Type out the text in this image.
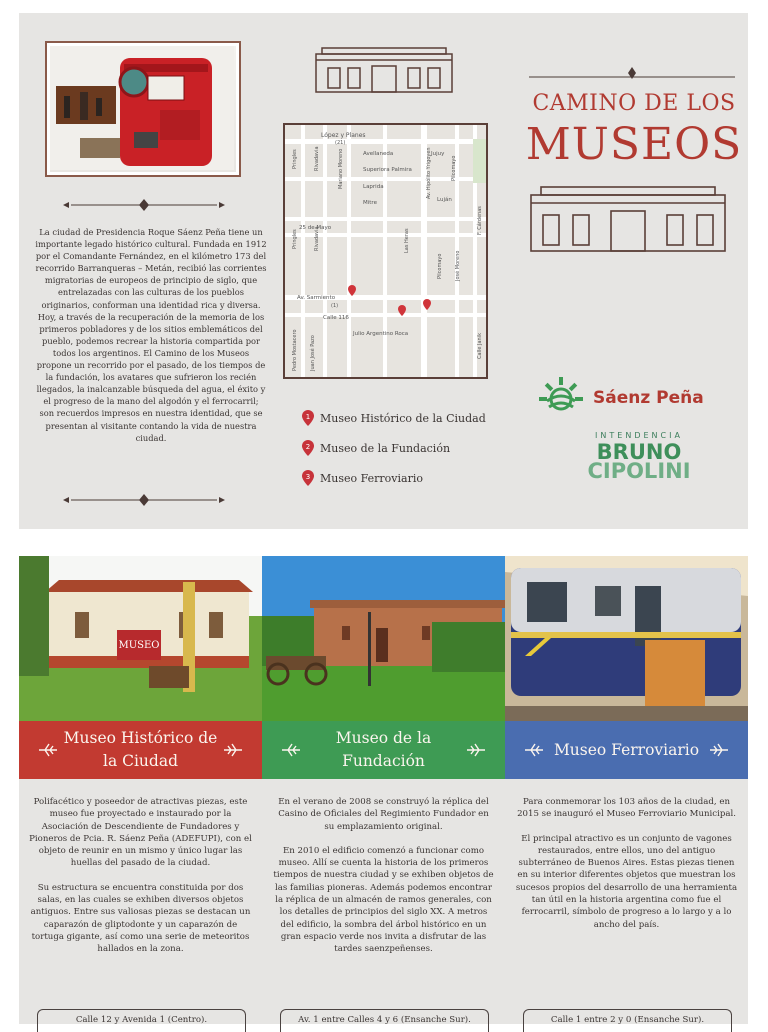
La ciudad de Presidencia Roque Sáenz Peña tiene un importante legado histórico cultural. Fundada en 1912 por el Comandante Fernández, en el kilómetro 173 del recorrido Barranqueras – Metán, recibió las corrientes migratorias de europeos de principio de siglo, que entrelazadas con las culturas de los pueblos originarios, conforman una identidad rica y diversa. Hoy, a través de la recuperación de la memoria de los primeros pobladores y de los sitios emblemáticos del pueblo, podemos recrear la historia compartida por todos los argentinos. El Camino de los Museos propone un recorrido por el pasado, de los tiempos de la fundación, los avatares que sufrieron los recién llegados, la inalcanzable búsqueda del agua, el éxito y el progreso de la mano del algodón y el ferrocarril; son recuerdos impresos en nuestra identidad, que se presentan al visitante contando la vida de nuestra ciudad.

López y Planes
(21)
Avellaneda	Jujuy
Superiora Palmira
Laprida
Luján
Mitre
25 de Mayo
Av. Sarmiento
(1)
Calle 116
Julio Argentino Roca
Pringles
Pringles
Rivadavia
Rivadavia
Mariano Moreno	Av. Hipólito Yrigoyen	Pilcomayo
Las Heras
Pilcomayo José Moreno
F. Cárdenas
Calle Janik
Pedro Mostacero Juan José Pazo
1 Museo Histórico de la Ciudad
2 Museo de la Fundación
3 Museo Ferroviario
CAMINO DE LOS
MUSEOS
Sáenz Peña
INTENDENCIA
BRUNO
CIPOLINI
MUSEO
Museo Histórico de la Ciudad

Polifacético y poseedor de atractivas piezas, este museo fue proyectado e instaurado por la Asociación de Descendiente de Fundadores y Pioneros de Pcia. R. Sáenz Peña (ADEFUPI), con el objeto de reunir en un mismo y único lugar las huellas del pasado de la ciudad.

Su estructura se encuentra constituida por dos salas, en las cuales se exhiben diversos objetos antiguos. Entre sus valiosas piezas se destacan un caparazón de gliptodonte y un caparazón de tortuga gigante, así como una serie de meteoritos hallados en la zona.

Calle 12 y Avenida 1 (Centro).
Museo de la Fundación

En el verano de 2008 se construyó la réplica del Casino de Oficiales del Regimiento Fundador en su emplazamiento original.

En 2010 el edificio comenzó a funcionar como museo. Allí se cuenta la historia de los primeros tiempos de nuestra ciudad y se exhiben objetos de las familias pioneras. Además podemos encontrar la réplica de un almacén de ramos generales, con los detalles de principios del siglo XX. A metros del edificio, la sombra del árbol histórico en un gran espacio verde nos invita a disfrutar de las tardes saenzpeñenses.

Av. 1 entre Calles 4 y 6 (Ensanche Sur).
Museo Ferroviario

Para conmemorar los 103 años de la ciudad, en 2015 se inauguró el Museo Ferroviario Municipal.

El principal atractivo es un conjunto de vagones restaurados, entre ellos, uno del antiguo subterráneo de Buenos Aires. Estas piezas tienen en su interior diferentes objetos que muestran los sucesos propios del desarrollo de una herramienta tan útil en la historia argentina como fue el ferrocarril, símbolo de progreso a lo largo y a lo ancho del país.

Calle 1 entre 2 y 0 (Ensanche Sur).
